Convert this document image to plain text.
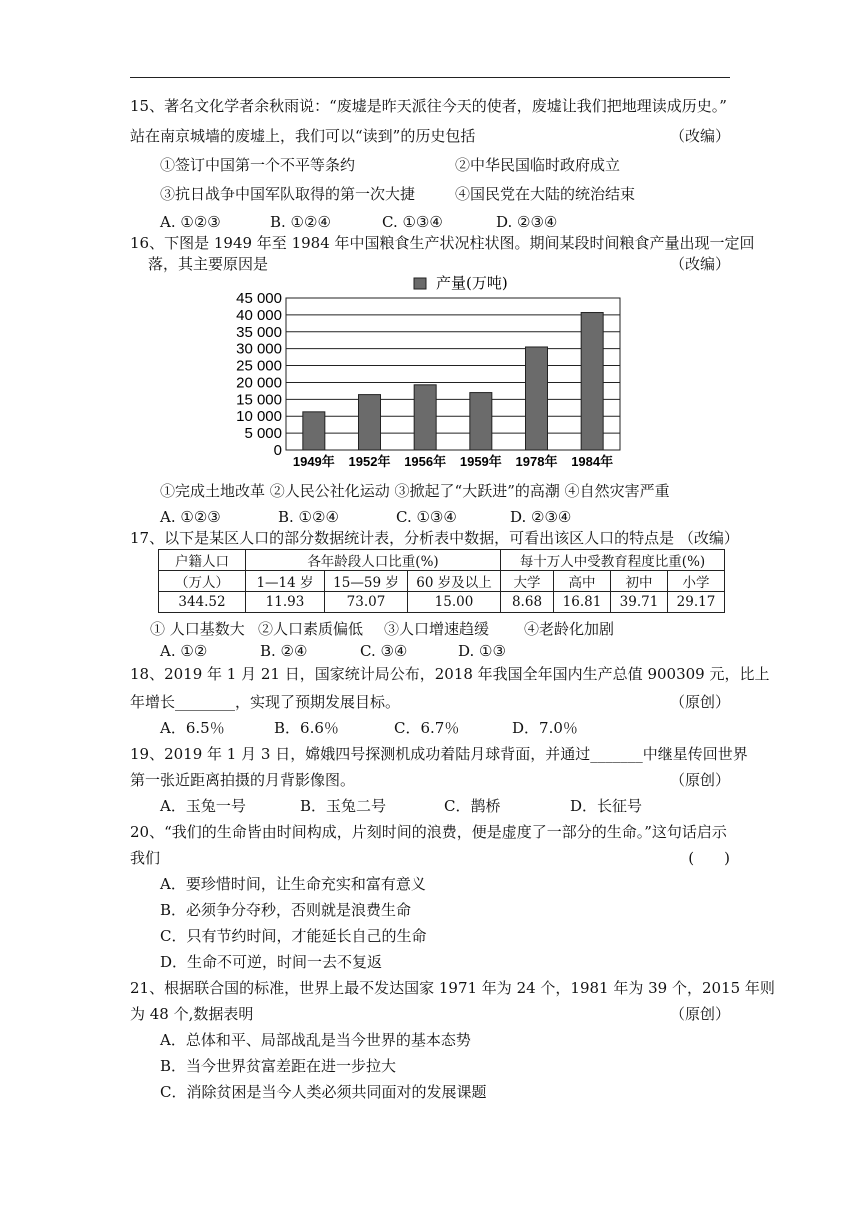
15、著名文化学者余秋雨说：“废墟是昨天派往今天的使者，废墟让我们把地理读成历史。”
站在南京城墙的废墟上，我们可以“读到”的历史包括	（改编）
①签订中国第一个不平等条约	②中华民国临时政府成立
③抗日战争中国军队取得的第一次大捷	④国民党在大陆的统治结束
A. ①②③	B. ①②④	C. ①③④	D. ②③④
16、下图是 1949 年至 1984 年中国粮食生产状况柱状图。期间某段时间粮食产量出现一定回
落，其主要原因是	（改编）
产量(万吨)
45 000
40 000
35 000
30 000
25 000
20 000
15 000
10 000
5 000
0
1949年 1952年 1956年 1959年 1978年 1984年
①完成土地改革 ②人民公社化运动 ③掀起了“大跃进”的高潮 ④自然灾害严重
A. ①②③	B. ①②④	C. ①③④	D. ②③④
17、以下是某区人口的部分数据统计表，分析表中数据，可看出该区人口的特点是 （改编）
户籍人口	各年龄段人口比重(%)			每十万人中受教育程度比重(%)			
（万人）	1—14 岁	15—59 岁	60 岁及以上	大学	高中	初中	小学
344.52	11.93	73.07	15.00	8.68	16.81	39.71	29.17
① 人口基数大 ②人口素质偏低 ③人口增速趋缓 ④老龄化加剧
A. ①②	B. ②④	C. ③④	D. ①③
18、2019 年 1 月 21 日，国家统计局公布，2018 年我国全年国内生产总值 900309 元，比上
年增长________，实现了预期发展目标。	（原创）
A．6.5％	B．6.6％	C．6.7％	D．7.0％
19、2019 年 1 月 3 日，嫦娥四号探测机成功着陆月球背面，并通过_______中继星传回世界
第一张近距离拍摄的月背影像图。	（原创）
A．玉兔一号	B．玉兔二号	C．鹊桥	D．长征号
20、“我们的生命皆由时间构成，片刻时间的浪费，便是虚度了一部分的生命。”这句话启示
我们	(　　)
A．要珍惜时间，让生命充实和富有意义
B．必须争分夺秒，否则就是浪费生命
C．只有节约时间，才能延长自己的生命
D．生命不可逆，时间一去不复返
21、根据联合国的标准，世界上最不发达国家 1971 年为 24 个，1981 年为 39 个，2015 年则
为 48 个,数据表明	（原创）
A．总体和平、局部战乱是当今世界的基本态势
B．当今世界贫富差距在进一步拉大
C．消除贫困是当今人类必须共同面对的发展课题
